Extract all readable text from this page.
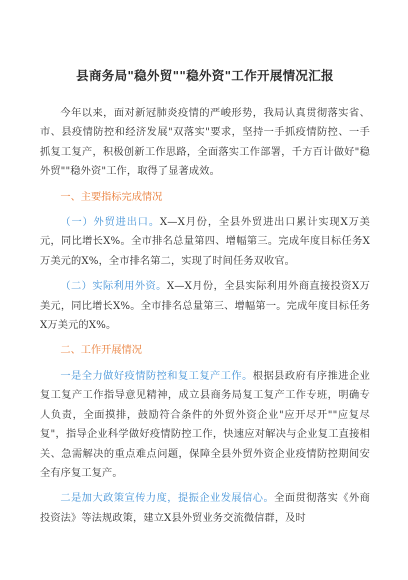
县商务局"稳外贸""稳外资"工作开展情况汇报

今年以来，面对新冠肺炎疫情的严峻形势，我局认真贯彻落实省、市、县疫情防控和经济发展"双落实"要求，坚持一手抓疫情防控、一手抓复工复产，积极创新工作思路，全面落实工作部署，千方百计做好"稳外贸""稳外资"工作，取得了显著成效。

一、主要指标完成情况

（一）外贸进出口。X—X月份，全县外贸进出口累计实现X万美元，同比增长X%。全市排名总量第四、增幅第三。完成年度目标任务X万美元的X%，全市排名第二，实现了时间任务双收官。

（二）实际利用外资。X—X月份，全县实际利用外商直接投资X万美元，同比增长X%。全市排名总量第三、增幅第一。完成年度目标任务X万美元的X%。

二、工作开展情况

一是全力做好疫情防控和复工复产工作。根据县政府有序推进企业复工复产工作指导意见精神，成立县商务局复工复产工作专班，明确专人负责，全面摸排，鼓励符合条件的外贸外资企业"应开尽开""应复尽复"，指导企业科学做好疫情防控工作，快速应对解决与企业复工直接相关、急需解决的重点难点问题，保障全县外贸外资企业疫情防控期间安全有序复工复产。

二是加大政策宣传力度，提振企业发展信心。全面贯彻落实《外商投资法》等法规政策，建立X县外贸业务交流微信群，及时
